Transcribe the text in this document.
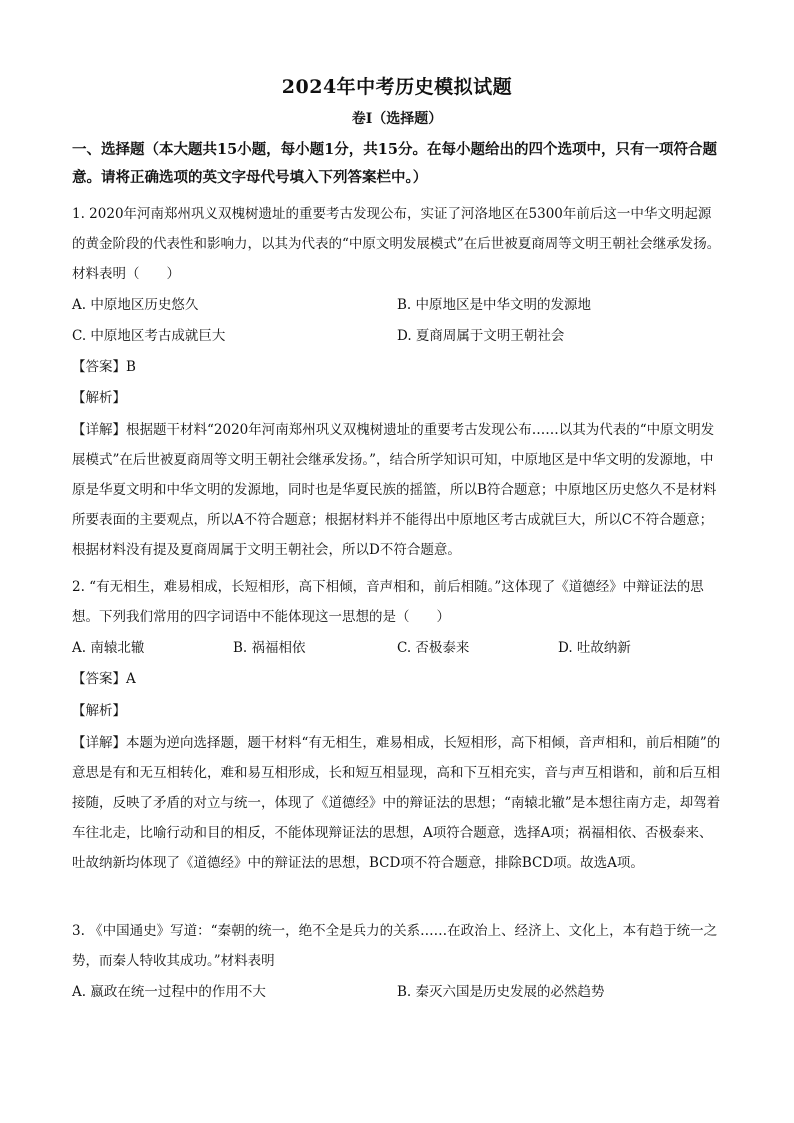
2024年中考历史模拟试题
卷Ⅰ（选择题）
一、选择题（本大题共15小题，每小题1分，共15分。在每小题给出的四个选项中，只有一项符合题意。请将正确选项的英文字母代号填入下列答案栏中。）
1. 2020年河南郑州巩义双槐树遗址的重要考古发现公布，实证了河洛地区在5300年前后这一中华文明起源的黄金阶段的代表性和影响力，以其为代表的“中原文明发展模式”在后世被夏商周等文明王朝社会继承发扬。材料表明（　　）
A. 中原地区历史悠久	B. 中原地区是中华文明的发源地
C. 中原地区考古成就巨大	D. 夏商周属于文明王朝社会
【答案】B
【解析】
【详解】根据题干材料“2020年河南郑州巩义双槐树遗址的重要考古发现公布……以其为代表的“中原文明发展模式”在后世被夏商周等文明王朝社会继承发扬。”，结合所学知识可知，中原地区是中华文明的发源地，中原是华夏文明和中华文明的发源地，同时也是华夏民族的摇篮，所以B符合题意；中原地区历史悠久不是材料所要表面的主要观点，所以A不符合题意；根据材料并不能得出中原地区考古成就巨大，所以C不符合题意；根据材料没有提及夏商周属于文明王朝社会，所以D不符合题意。
2. “有无相生，难易相成，长短相形，高下相倾，音声相和，前后相随。”这体现了《道德经》中辩证法的思想。下列我们常用的四字词语中不能体现这一思想的是（　　）
A. 南辕北辙	B. 祸福相依	C. 否极泰来	D. 吐故纳新
【答案】A
【解析】
【详解】本题为逆向选择题，题干材料“有无相生，难易相成，长短相形，高下相倾，音声相和，前后相随”的意思是有和无互相转化，难和易互相形成，长和短互相显现，高和下互相充实，音与声互相谐和，前和后互相接随，反映了矛盾的对立与统一，体现了《道德经》中的辩证法的思想；“南辕北辙”是本想往南方走，却驾着车往北走，比喻行动和目的相反，不能体现辩证法的思想，A项符合题意，选择A项；祸福相依、否极泰来、吐故纳新均体现了《道德经》中的辩证法的思想，BCD项不符合题意，排除BCD项。故选A项。
3. 《中国通史》写道：“秦朝的统一，绝不全是兵力的关系……在政治上、经济上、文化上，本有趋于统一之势，而秦人特收其成功。”材料表明
A. 嬴政在统一过程中的作用不大	B. 秦灭六国是历史发展的必然趋势
